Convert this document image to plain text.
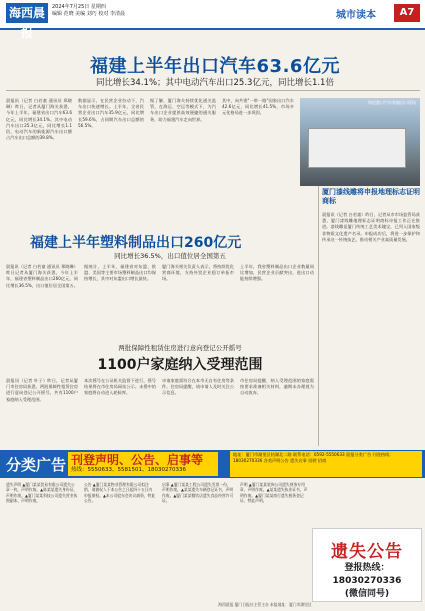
海西晨报
2024年7月25日 星期四
编辑 范晓 美编 刘巧 校对 李清晨	城市读本	A7
福建上半年出口汽车63.6亿元
同比增长34.1%；其中电动汽车出口25.3亿元，同比增长1.1倍
晨报讯（记者 白若童 通讯员 郑晓琳）昨日，记者从厦门海关获悉，今年上半年，福建省出口汽车63.6亿元，同比增长34.1%。其中电动汽车出口25.3亿元，同比增长1.1倍，电动汽车的新能源汽车出口额占汽车出口总额的39.8%。
数据显示，在民营企业拉动下，汽车出口快速增长。上半年，全省民营企业出口汽车35.9亿元，同比增长59.6%，占同期汽车出口总额的56.5%。
据了解，厦门海关持续优化通关监管，在海运、空运等模式下，为汽车出口企业提供高效便捷的通关服务，助力福建汽车走向世界。
其中，向共建"一带一路"国家出口汽车42.6亿元，同比增长41.5%，市场多元化格局进一步巩固。
海沧港口汽车装船出口现场
厦门漆线雕将申报地理标志证明商标
晨报讯（记者 白若童）昨日，记者从市市场监管局获悉，厦门漆线雕地理标志证明商标申报工作正在推进。漆线雕是厦门传统工艺美术瑰宝，已列入国家级非物质文化遗产名录。申报成功后，将进一步保护和传承这一传统技艺，推动相关产业高质量发展。
福建上半年塑料制品出口260亿元
同比增长36.5%，出口值位居全国第五
晨报讯（记者 白若童 通讯员 郑晓琳）昨日记者从厦门海关获悉，今年上半年，福建省塑料制品出口260亿元，同比增长36.5%，出口值位居全国第五。
据统计，上半年，福建省对东盟、欧盟、美国等主要市场塑料制品出口均保持增长，其中对东盟出口增长最快。
厦门海关相关负责人表示，将持续优化营商环境，支持外贸企业稳订单拓市场。
上半年，我省塑料制品出口企业数量同比增加，民营企业贡献突出，进出口动能持续增强。
两批保障性租赁住房进行意向登记公开摇号
1100户家庭纳入受理范围
晨报讯（记者 叶子）昨日，记者从厦门市住房局获悉，两批保障性租赁住房进行意向登记公开摇号，共有1100户家庭纳入受理范围。
本次摇号在公证机关监督下进行，摇号结果将在市住房局网站公示。未摇中的家庭将自动进入轮候库。
申请家庭需符合在本市无自有住房等条件。住房局提醒，请申请人及时关注公示信息。
市住房局提醒，纳入受理范围的家庭需按要求准备相关材料，逾期未办理视为自动放弃。
分类广告 刊登声明、公告、启事等
热线：5550633、5581501、18030270336
地址：厦门市湖里区枋湖北二路 联系电话：0592-5550633 晨报分类广告 刊登热线：18030270336 各类声明公告 遗失启事 招聘 招商
遗失声明 ▲厦门某某贸易有限公司遗失公章一枚，声明作废。▲陈某某遗失身份证，声明作废。▲厦门某某科技公司遗失营业执照副本，声明作废。
公告 ▲厦门某某物业管理有限公司拟注销，请债权人于本公告之日起四十五日内申报债权。▲本公司股东会决议减资，特此公告。
启事 ▲厦门某某工程公司遗失发票一份，声明作废。▲某某遗失车辆登记证书，声明作废。▲厦门某某餐饮店遗失食品经营许可证。
声明 ▲厦门某某装饰公司遗失财务专用章，声明作废。▲某某遗失执业证书，声明作废。▲厦门某某商行遗失税务登记证，特此声明。
遗失公告
登报热线：18030270336
(微信同号)
海西晨报 厦门日报社主管主办 本报地址：厦门市湖里区
